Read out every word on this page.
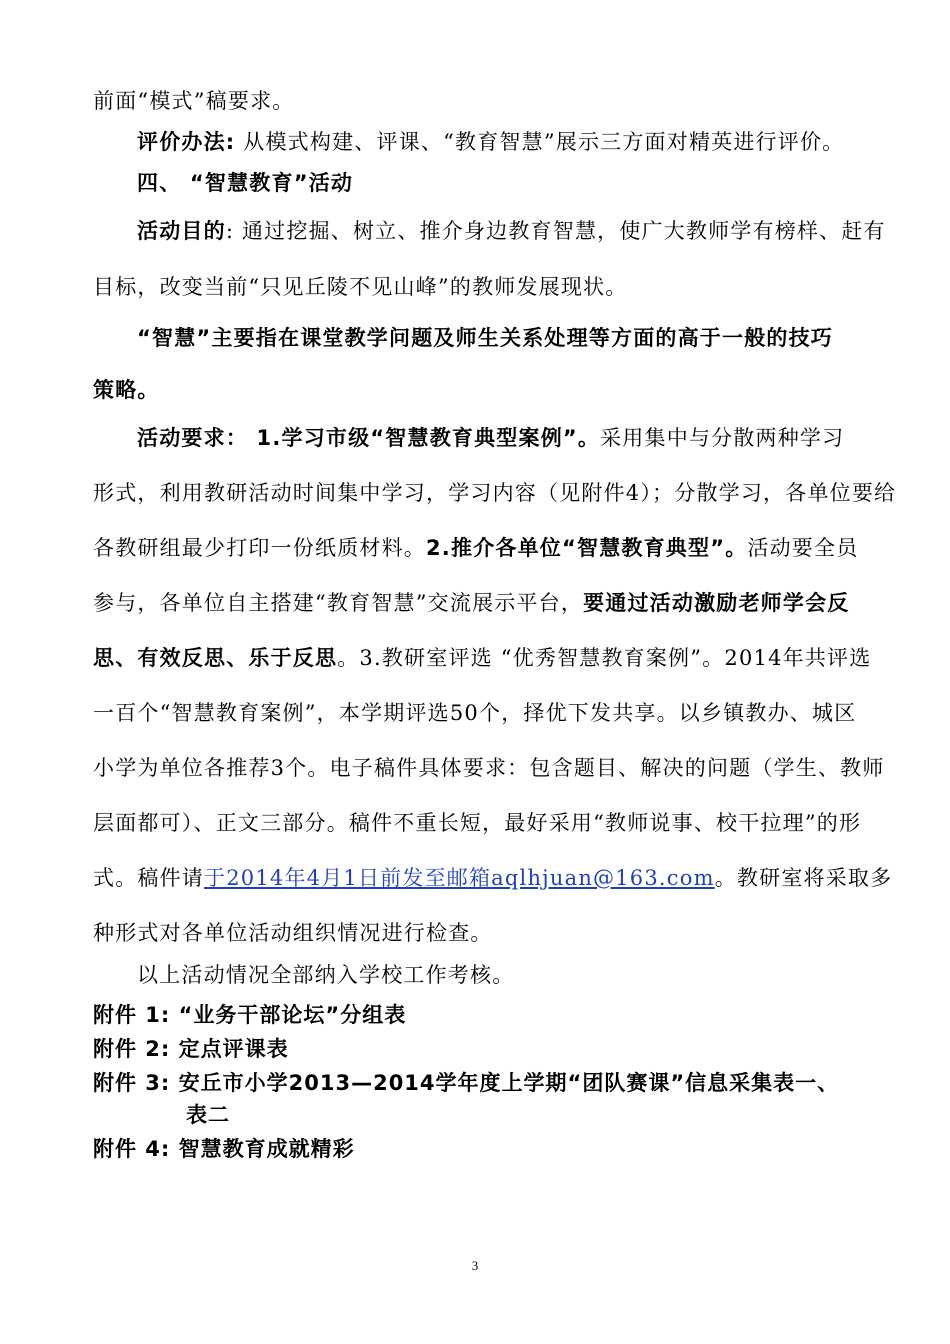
前面“模式”稿要求。
评价办法: 从模式构建、评课、“教育智慧”展示三方面对精英进行评价。
四、 “智慧教育”活动
活动目的: 通过挖掘、树立、推介身边教育智慧，使广大教师学有榜样、赶有
目标，改变当前“只见丘陵不见山峰”的教师发展现状。
“智慧”主要指在课堂教学问题及师生关系处理等方面的高于一般的技巧
策略。
活动要求： 1.学习市级“智慧教育典型案例”。采用集中与分散两种学习
形式，利用教研活动时间集中学习，学习内容（见附件4）；分散学习，各单位要给
各教研组最少打印一份纸质材料。2.推介各单位“智慧教育典型”。活动要全员
参与，各单位自主搭建“教育智慧”交流展示平台，要通过活动激励老师学会反
思、有效反思、乐于反思。3.教研室评选 “优秀智慧教育案例”。2014年共评选
一百个“智慧教育案例”，本学期评选50个，择优下发共享。以乡镇教办、城区
小学为单位各推荐3个。电子稿件具体要求：包含题目、解决的问题（学生、教师
层面都可）、正文三部分。稿件不重长短，最好采用“教师说事、校干拉理”的形
式。稿件请于2014年4月1日前发至邮箱aqlhjuan@163.com。教研室将采取多
种形式对各单位活动组织情况进行检查。
以上活动情况全部纳入学校工作考核。
附件 1: “业务干部论坛”分组表
附件 2: 定点评课表
附件 3: 安丘市小学2013—2014学年度上学期“团队赛课”信息采集表一、
表二
附件 4: 智慧教育成就精彩
3
